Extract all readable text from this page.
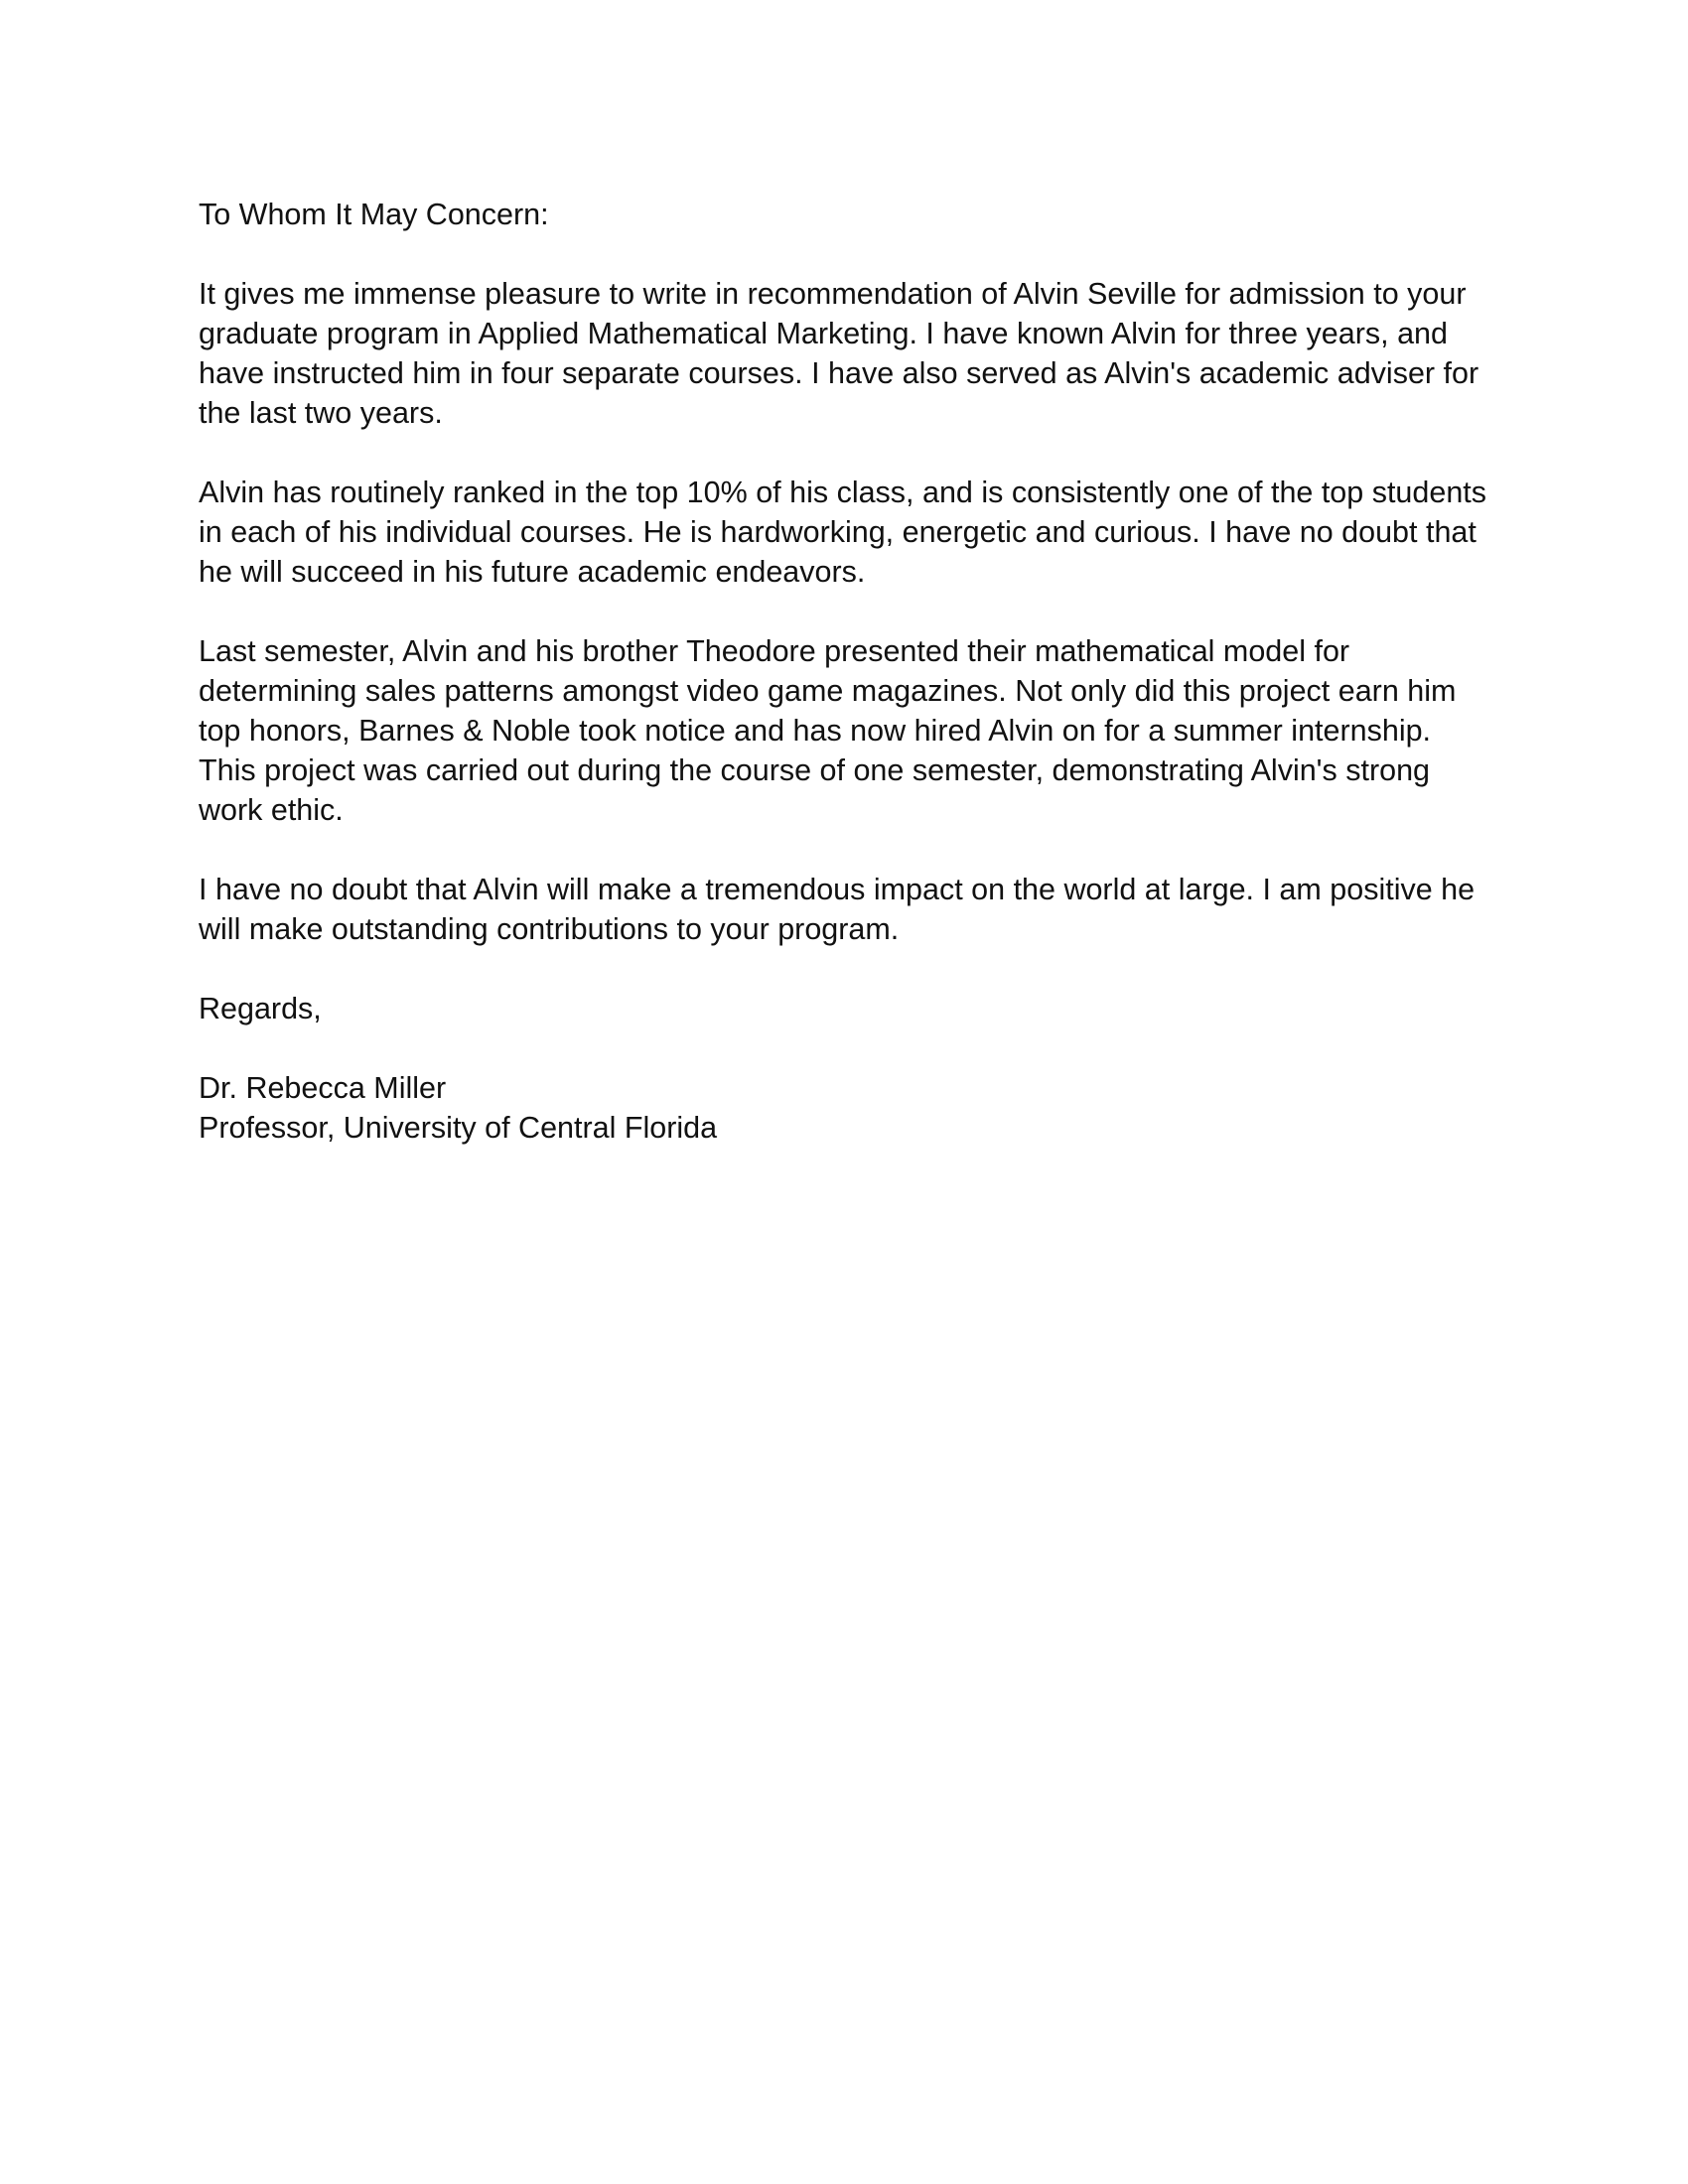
To Whom It May Concern:
It gives me immense pleasure to write in recommendation of Alvin Seville for admission to your
graduate program in Applied Mathematical Marketing. I have known Alvin for three years, and
have instructed him in four separate courses. I have also served as Alvin's academic adviser for
the last two years.
Alvin has routinely ranked in the top 10% of his class, and is consistently one of the top students
in each of his individual courses. He is hardworking, energetic and curious. I have no doubt that
he will succeed in his future academic endeavors.
Last semester, Alvin and his brother Theodore presented their mathematical model for
determining sales patterns amongst video game magazines. Not only did this project earn him
top honors, Barnes & Noble took notice and has now hired Alvin on for a summer internship.
This project was carried out during the course of one semester, demonstrating Alvin's strong
work ethic.
I have no doubt that Alvin will make a tremendous impact on the world at large. I am positive he
will make outstanding contributions to your program.
Regards,
Dr. Rebecca Miller
Professor, University of Central Florida
